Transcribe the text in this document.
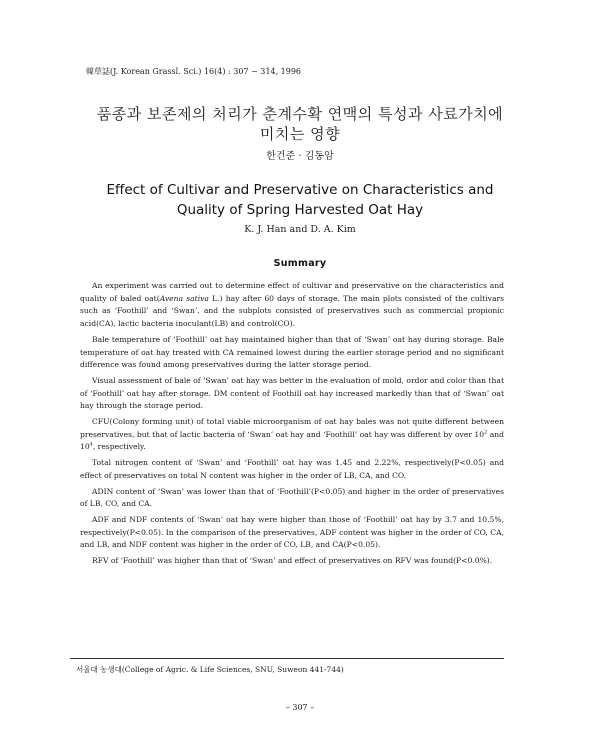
韓草誌(J. Korean Grassl. Sci.) 16(4) : 307 ~ 314, 1996
품종과 보존제의 처리가 춘계수확 연맥의 특성과 사료가치에
미치는 영향
한건준 · 김동암
Effect of Cultivar and Preservative on Characteristics and
Quality of Spring Harvested Oat Hay
K. J. Han and D. A. Kim
Summary

An experiment was carried out to determine effect of cultivar and preservative on the characteristics and quality of baled oat(Avena sativa L.) hay after 60 days of storage. The main plots consisted of the cultivars such as ‘Foothill’ and ‘Swan’, and the subplots consisted of preservatives such as commercial propionic acid(CA), lactic bacteria inoculant(LB) and control(CO).

Bale temperature of ‘Foothill’ oat hay maintained higher than that of ‘Swan’ oat hay during storage. Bale temperature of oat hay treated with CA remained lowest during the earlier storage period and no significant difference was found among preservatives during the latter storage period.

Visual assessment of bale of ‘Swan’ oat hay was better in the evaluation of mold, ordor and color than that of ‘Foothill’ oat hay after storage. DM content of Foothill oat hay increased markedly than that of ‘Swan’ oat hay through the storage period.

CFU(Colony forming unit) of total viable microorganism of oat hay bales was not quite different between preservatives, but that of lactic bacteria of ‘Swan’ oat hay and ‘Foothill’ oat hay was different by over $10^2$ and $10^4$, respectively.

Total nitrogen content of ‘Swan’ and ‘Foothill’ oat hay was 1.45 and 2.22%, respectively(P<0.05) and effect of preservatives on total N content was higher in the order of LB, CA, and CO.

ADIN content of ‘Swan’ was lower than that of ‘Foothill’(P<0.05) and higher in the order of preservatives of LB, CO, and CA.

ADF and NDF contents of ‘Swan’ oat hay were higher than those of ‘Foothill’ oat hay by 3.7 and 10.5%, respectively(P<0.05). In the comparison of the preservatives, ADF content was higher in the order of CO, CA, and LB, and NDF content was higher in the order of CO, LB, and CA(P<0.05).

RFV of ‘Foothill’ was higher than that of ‘Swan’ and effect of preservatives on RFV was found(P<0.0%).

서울대 농생대(College of Agric. & Life Sciences, SNU, Suweon 441-744)
– 307 –
